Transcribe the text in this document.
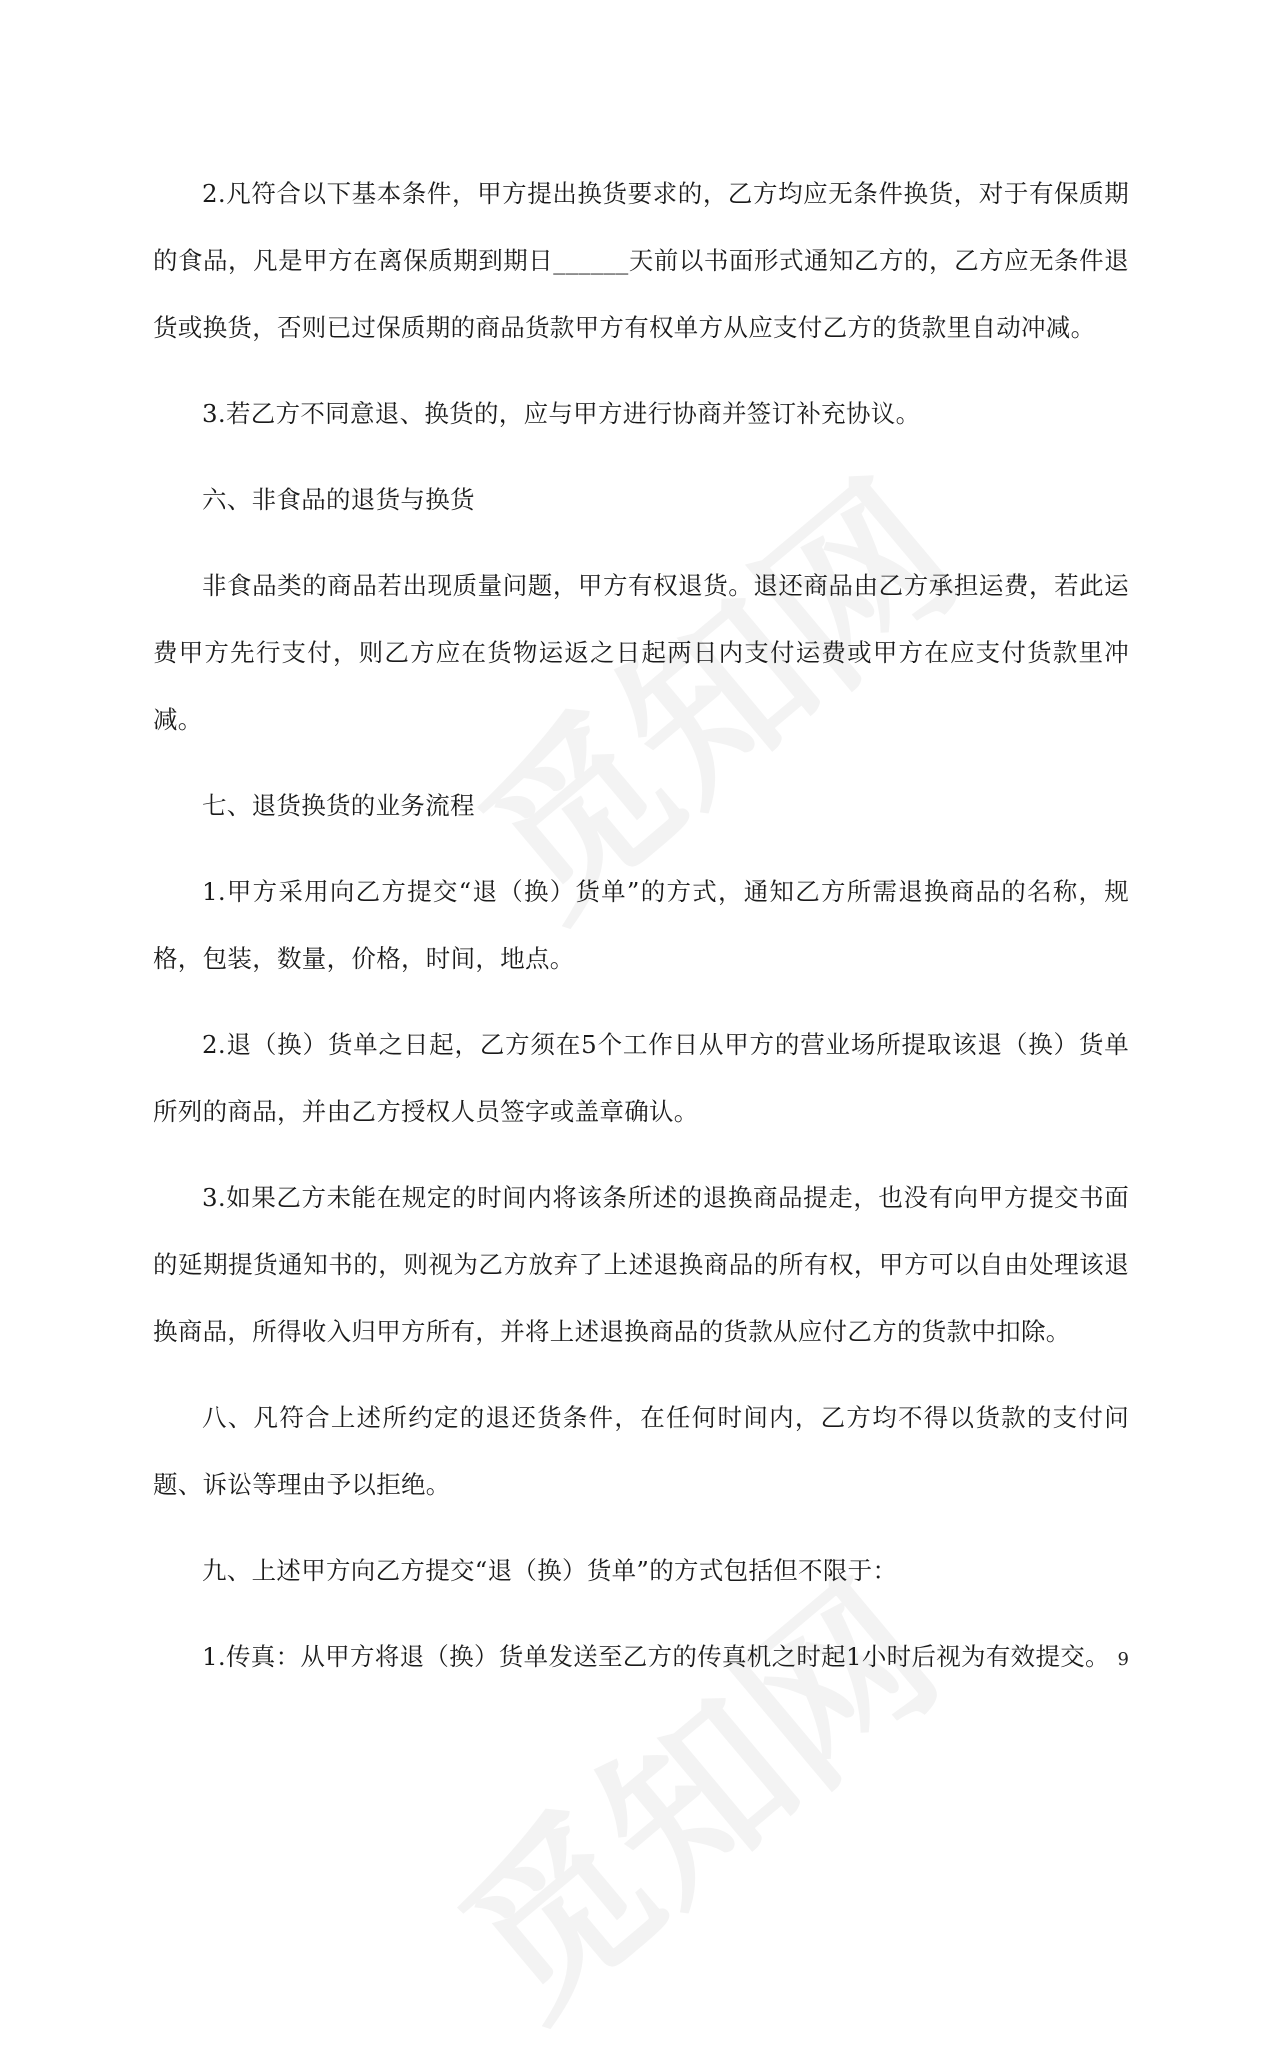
2.凡符合以下基本条件，甲方提出换货要求的，乙方均应无条件换货，对于有保质期的食品，凡是甲方在离保质期到期日______天前以书面形式通知乙方的，乙方应无条件退货或换货，否则已过保质期的商品货款甲方有权单方从应支付乙方的货款里自动冲减。

3.若乙方不同意退、换货的，应与甲方进行协商并签订补充协议。

六、非食品的退货与换货

非食品类的商品若出现质量问题，甲方有权退货。退还商品由乙方承担运费，若此运费甲方先行支付，则乙方应在货物运返之日起两日内支付运费或甲方在应支付货款里冲减。

七、退货换货的业务流程

1.甲方采用向乙方提交“退（换）货单”的方式，通知乙方所需退换商品的名称，规格，包装，数量，价格，时间，地点。

2.退（换）货单之日起，乙方须在5个工作日从甲方的营业场所提取该退（换）货单所列的商品，并由乙方授权人员签字或盖章确认。

3.如果乙方未能在规定的时间内将该条所述的退换商品提走，也没有向甲方提交书面的延期提货通知书的，则视为乙方放弃了上述退换商品的所有权，甲方可以自由处理该退换商品，所得收入归甲方所有，并将上述退换商品的货款从应付乙方的货款中扣除。

八、凡符合上述所约定的退还货条件，在任何时间内，乙方均不得以货款的支付问题、诉讼等理由予以拒绝。

九、上述甲方向乙方提交“退（换）货单”的方式包括但不限于：

1.传真：从甲方将退（换）货单发送至乙方的传真机之时起1小时后视为有效提交。 9
